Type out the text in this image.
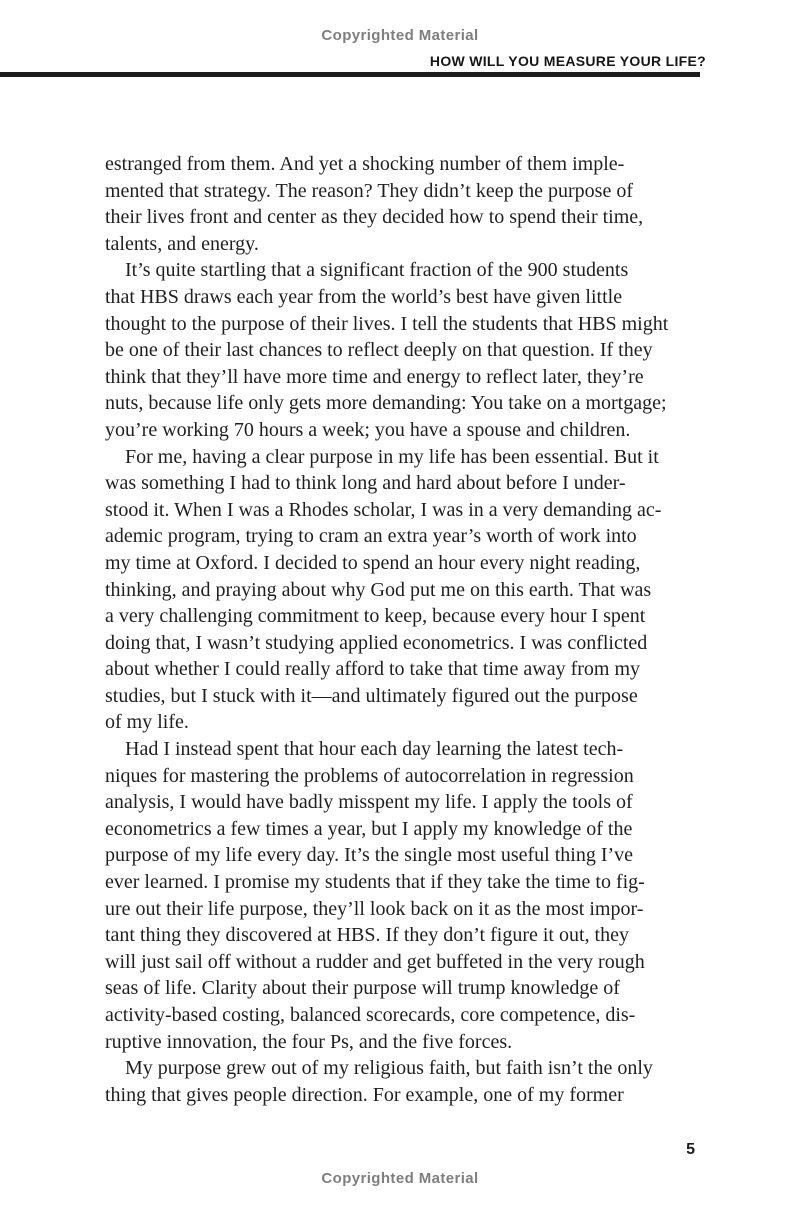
Copyrighted Material
HOW WILL YOU MEASURE YOUR LIFE?
estranged from them. And yet a shocking number of them imple-
mented that strategy. The reason? They didn’t keep the purpose of
their lives front and center as they decided how to spend their time,
talents, and energy.
It’s quite startling that a significant fraction of the 900 students
that HBS draws each year from the world’s best have given little
thought to the purpose of their lives. I tell the students that HBS might
be one of their last chances to reflect deeply on that question. If they
think that they’ll have more time and energy to reflect later, they’re
nuts, because life only gets more demanding: You take on a mortgage;
you’re working 70 hours a week; you have a spouse and children.
For me, having a clear purpose in my life has been essential. But it
was something I had to think long and hard about before I under-
stood it. When I was a Rhodes scholar, I was in a very demanding ac-
ademic program, trying to cram an extra year’s worth of work into
my time at Oxford. I decided to spend an hour every night reading,
thinking, and praying about why God put me on this earth. That was
a very challenging commitment to keep, because every hour I spent
doing that, I wasn’t studying applied econometrics. I was conflicted
about whether I could really afford to take that time away from my
studies, but I stuck with it—and ultimately figured out the purpose
of my life.
Had I instead spent that hour each day learning the latest tech-
niques for mastering the problems of autocorrelation in regression
analysis, I would have badly misspent my life. I apply the tools of
econometrics a few times a year, but I apply my knowledge of the
purpose of my life every day. It’s the single most useful thing I’ve
ever learned. I promise my students that if they take the time to fig-
ure out their life purpose, they’ll look back on it as the most impor-
tant thing they discovered at HBS. If they don’t figure it out, they
will just sail off without a rudder and get buffeted in the very rough
seas of life. Clarity about their purpose will trump knowledge of
activity-based costing, balanced scorecards, core competence, dis-
ruptive innovation, the four Ps, and the five forces.
My purpose grew out of my religious faith, but faith isn’t the only
thing that gives people direction. For example, one of my former
5
Copyrighted Material
